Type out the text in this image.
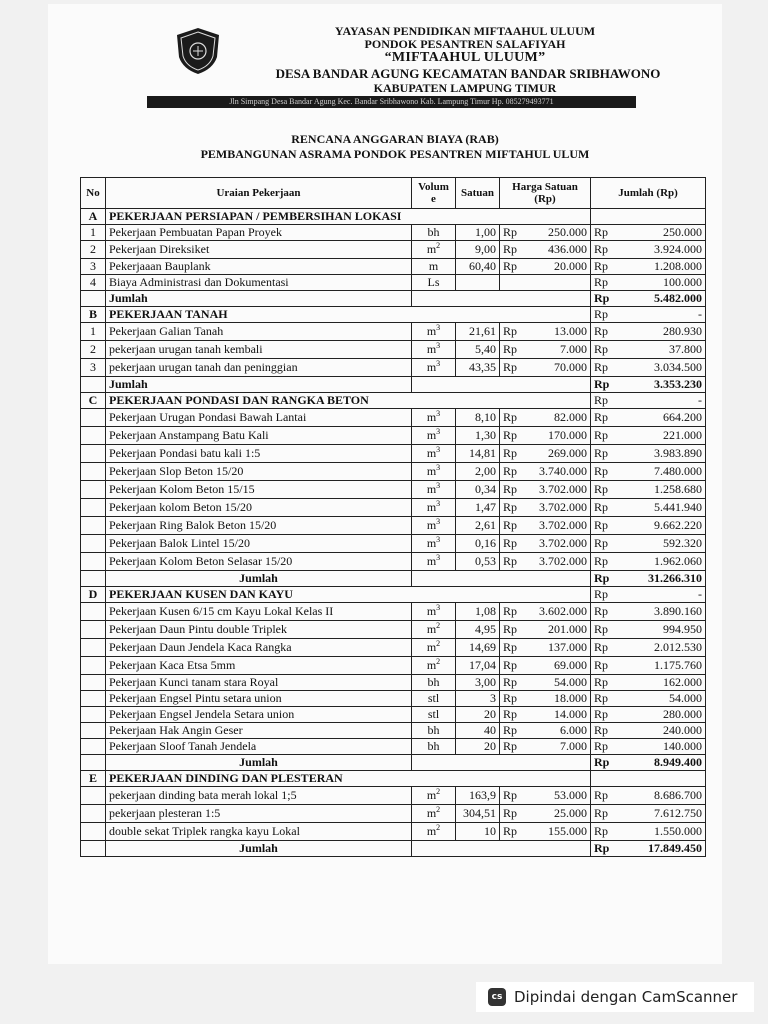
YAYASAN PENDIDIKAN MIFTAAHUL ULUUM
PONDOK PESANTREN SALAFIYAH
“MIFTAAHUL ULUUM”
DESA BANDAR AGUNG KECAMATAN BANDAR SRIBHAWONO
KABUPATEN LAMPUNG TIMUR
Jln Simpang Desa Bandar Agung Kec. Bandar Sribhawono Kab. Lampung Timur Hp. 085279493771
RENCANA ANGGARAN BIAYA (RAB)
PEMBANGUNAN ASRAMA PONDOK PESANTREN MIFTAHUL ULUM
No	Uraian Pekerjaan	Volum e	Satuan	Harga Satuan (Rp)		Jumlah (Rp)	
A	PEKERJAAN PERSIAPAN / PEMBERSIHAN LOKASI						
1	Pekerjaan Pembuatan Papan Proyek	bh	1,00	Rp	250.000	Rp	250.000
2	Pekerjaan Direksiket	$m^2$	9,00	Rp	436.000	Rp	3.924.000
3	Pekerjaaan Bauplank	m	60,40	Rp	20.000	Rp	1.208.000
4	Biaya Administrasi dan Dokumentasi	Ls				Rp	100.000
	Jumlah					Rp	5.482.000
B	PEKERJAAN TANAH					Rp	-
1	Pekerjaan Galian Tanah	$m^3$	21,61	Rp	13.000	Rp	280.930
2	pekerjaan urugan tanah kembali	$m^3$	5,40	Rp	7.000	Rp	37.800
3	pekerjaan urugan tanah dan peninggian	$m^3$	43,35	Rp	70.000	Rp	3.034.500
	Jumlah					Rp	3.353.230
C	PEKERJAAN PONDASI DAN RANGKA BETON					Rp	-
	Pekerjaan Urugan Pondasi Bawah Lantai	$m^3$	8,10	Rp	82.000	Rp	664.200
	Pekerjaan Anstampang Batu Kali	$m^3$	1,30	Rp	170.000	Rp	221.000
	Pekerjaan Pondasi batu kali 1:5	$m^3$	14,81	Rp	269.000	Rp	3.983.890
	Pekerjaan Slop Beton 15/20	$m^3$	2,00	Rp	3.740.000	Rp	7.480.000
	Pekerjaan Kolom Beton 15/15	$m^3$	0,34	Rp	3.702.000	Rp	1.258.680
	Pekerjaan kolom Beton 15/20	$m^3$	1,47	Rp	3.702.000	Rp	5.441.940
	Pekerjaan Ring Balok Beton 15/20	$m^3$	2,61	Rp	3.702.000	Rp	9.662.220
	Pekerjaan Balok Lintel 15/20	$m^3$	0,16	Rp	3.702.000	Rp	592.320
	Pekerjaan Kolom Beton Selasar 15/20	$m^3$	0,53	Rp	3.702.000	Rp	1.962.060
	Jumlah					Rp	31.266.310
D	PEKERJAAN KUSEN DAN KAYU					Rp	-
	Pekerjaan Kusen 6/15 cm Kayu Lokal Kelas II	$m^3$	1,08	Rp	3.602.000	Rp	3.890.160
	Pekerjaan Daun Pintu double Triplek	$m^2$	4,95	Rp	201.000	Rp	994.950
	Pekerjaan Daun Jendela Kaca Rangka	$m^2$	14,69	Rp	137.000	Rp	2.012.530
	Pekerjaan Kaca Etsa 5mm	$m^2$	17,04	Rp	69.000	Rp	1.175.760
	Pekerjaan Kunci tanam stara Royal	bh	3,00	Rp	54.000	Rp	162.000
	Pekerjaan Engsel Pintu setara union	stl	3	Rp	18.000	Rp	54.000
	Pekerjaan Engsel Jendela Setara union	stl	20	Rp	14.000	Rp	280.000
	Pekerjaan Hak Angin Geser	bh	40	Rp	6.000	Rp	240.000
	Pekerjaan Sloof Tanah Jendela	bh	20	Rp	7.000	Rp	140.000
	Jumlah					Rp	8.949.400
E	PEKERJAAN DINDING DAN PLESTERAN						
	pekerjaan dinding bata merah lokal 1;5	$m^2$	163,9	Rp	53.000	Rp	8.686.700
	pekerjaan plesteran 1:5	$m^2$	304,51	Rp	25.000	Rp	7.612.750
	double sekat Triplek rangka kayu Lokal	$m^2$	10	Rp	155.000	Rp	1.550.000
	Jumlah					Rp	17.849.450
cs Dipindai dengan CamScanner
